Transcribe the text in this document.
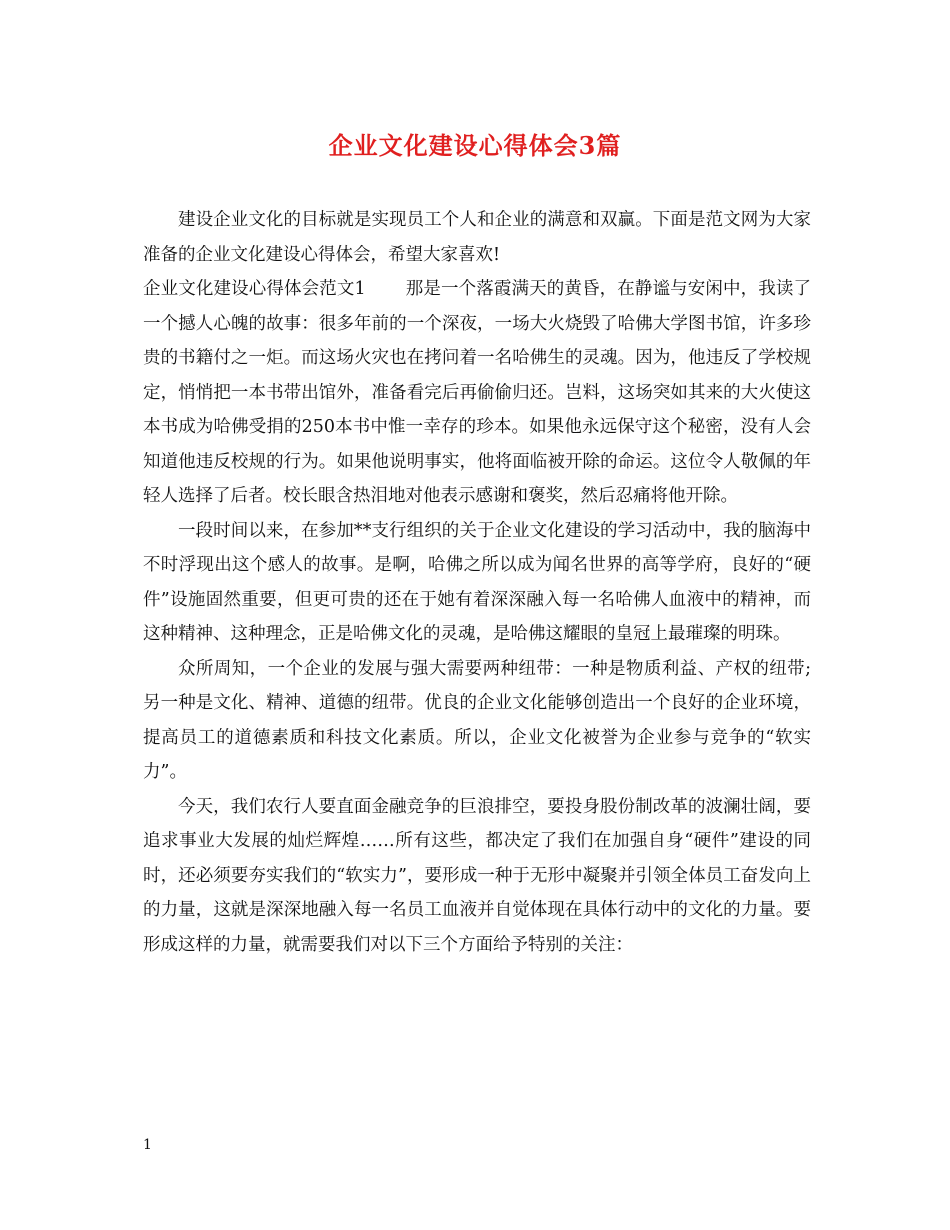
企业文化建设心得体会3篇

建设企业文化的目标就是实现员工个人和企业的满意和双赢。下面是范文网为大家准备的企业文化建设心得体会，希望大家喜欢!

企业文化建设心得体会范文1 那是一个落霞满天的黄昏，在静谧与安闲中，我读了一个撼人心魄的故事：很多年前的一个深夜，一场大火烧毁了哈佛大学图书馆，许多珍贵的书籍付之一炬。而这场火灾也在拷问着一名哈佛生的灵魂。因为，他违反了学校规定，悄悄把一本书带出馆外，准备看完后再偷偷归还。岂料，这场突如其来的大火使这本书成为哈佛受捐的250本书中惟一幸存的珍本。如果他永远保守这个秘密，没有人会知道他违反校规的行为。如果他说明事实，他将面临被开除的命运。这位令人敬佩的年轻人选择了后者。校长眼含热泪地对他表示感谢和褒奖，然后忍痛将他开除。

一段时间以来，在参加**支行组织的关于企业文化建设的学习活动中，我的脑海中不时浮现出这个感人的故事。是啊，哈佛之所以成为闻名世界的高等学府，良好的“硬件”设施固然重要，但更可贵的还在于她有着深深融入每一名哈佛人血液中的精神，而这种精神、这种理念，正是哈佛文化的灵魂，是哈佛这耀眼的皇冠上最璀璨的明珠。

众所周知，一个企业的发展与强大需要两种纽带：一种是物质利益、产权的纽带;另一种是文化、精神、道德的纽带。优良的企业文化能够创造出一个良好的企业环境，提高员工的道德素质和科技文化素质。所以，企业文化被誉为企业参与竞争的“软实力”。

今天，我们农行人要直面金融竞争的巨浪排空，要投身股份制改革的波澜壮阔，要追求事业大发展的灿烂辉煌……所有这些，都决定了我们在加强自身“硬件”建设的同时，还必须要夯实我们的“软实力”，要形成一种于无形中凝聚并引领全体员工奋发向上的力量，这就是深深地融入每一名员工血液并自觉体现在具体行动中的文化的力量。要形成这样的力量，就需要我们对以下三个方面给予特别的关注：

1
